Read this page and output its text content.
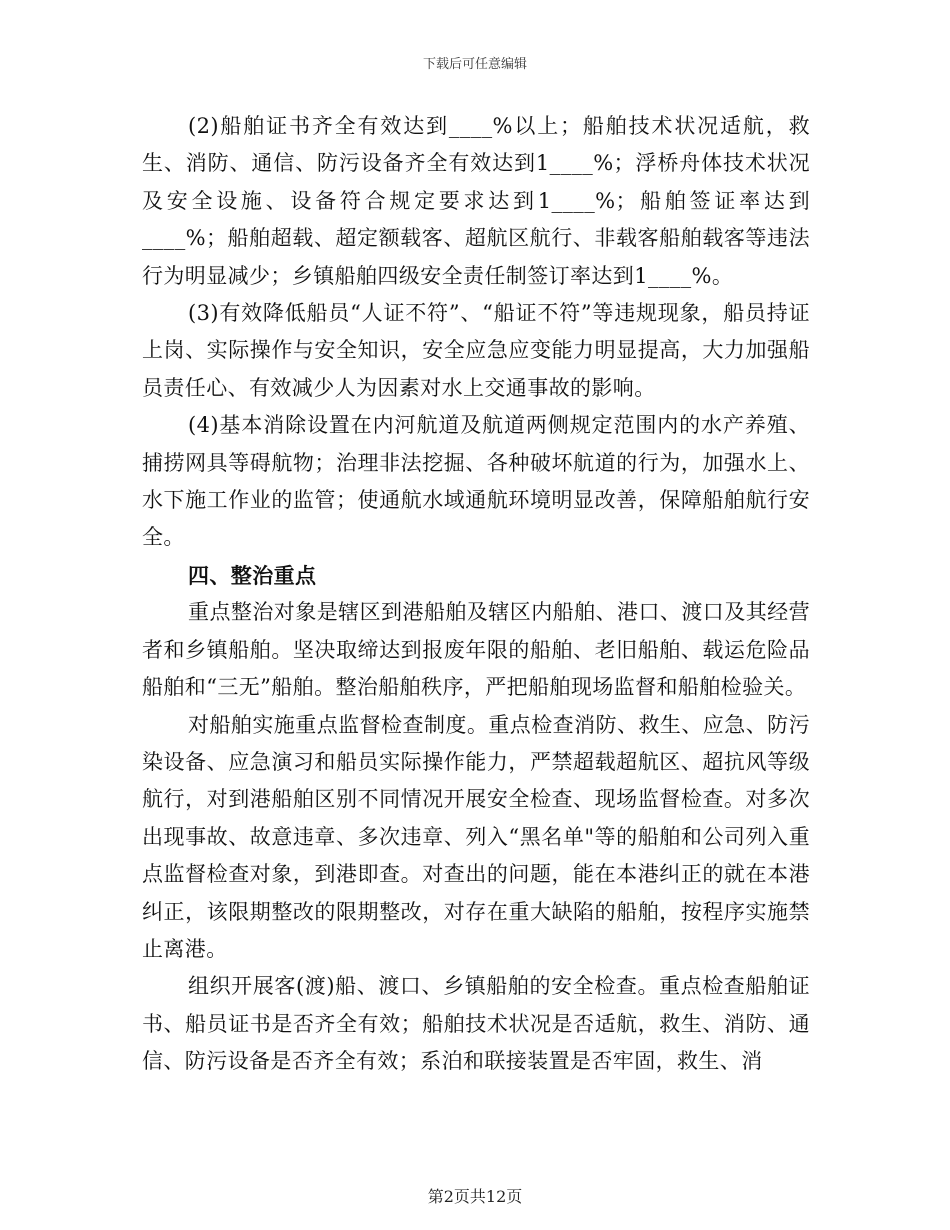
下载后可任意编辑

(2)船舶证书齐全有效达到____%以上；船舶技术状况适航，救生、消防、通信、防污设备齐全有效达到1____%；浮桥舟体技术状况及安全设施、设备符合规定要求达到1____%；船舶签证率达到____%；船舶超载、超定额载客、超航区航行、非载客船舶载客等违法行为明显减少；乡镇船舶四级安全责任制签订率达到1____%。

(3)有效降低船员“人证不符”、“船证不符”等违规现象，船员持证上岗、实际操作与安全知识，安全应急应变能力明显提高，大力加强船员责任心、有效减少人为因素对水上交通事故的影响。

(4)基本消除设置在内河航道及航道两侧规定范围内的水产养殖、捕捞网具等碍航物；治理非法挖掘、各种破坏航道的行为，加强水上、水下施工作业的监管；使通航水域通航环境明显改善，保障船舶航行安全。

四、整治重点

重点整治对象是辖区到港船舶及辖区内船舶、港口、渡口及其经营者和乡镇船舶。坚决取缔达到报废年限的船舶、老旧船舶、载运危险品船舶和“三无”船舶。整治船舶秩序，严把船舶现场监督和船舶检验关。

对船舶实施重点监督检查制度。重点检查消防、救生、应急、防污染设备、应急演习和船员实际操作能力，严禁超载超航区、超抗风等级航行，对到港船舶区别不同情况开展安全检查、现场监督检查。对多次出现事故、故意违章、多次违章、列入“黑名单"等的船舶和公司列入重点监督检查对象，到港即查。对查出的问题，能在本港纠正的就在本港纠正，该限期整改的限期整改，对存在重大缺陷的船舶，按程序实施禁止离港。

组织开展客(渡)船、渡口、乡镇船舶的安全检查。重点检查船舶证书、船员证书是否齐全有效；船舶技术状况是否适航，救生、消防、通信、防污设备是否齐全有效；系泊和联接装置是否牢固，救生、消

第2页共12页
